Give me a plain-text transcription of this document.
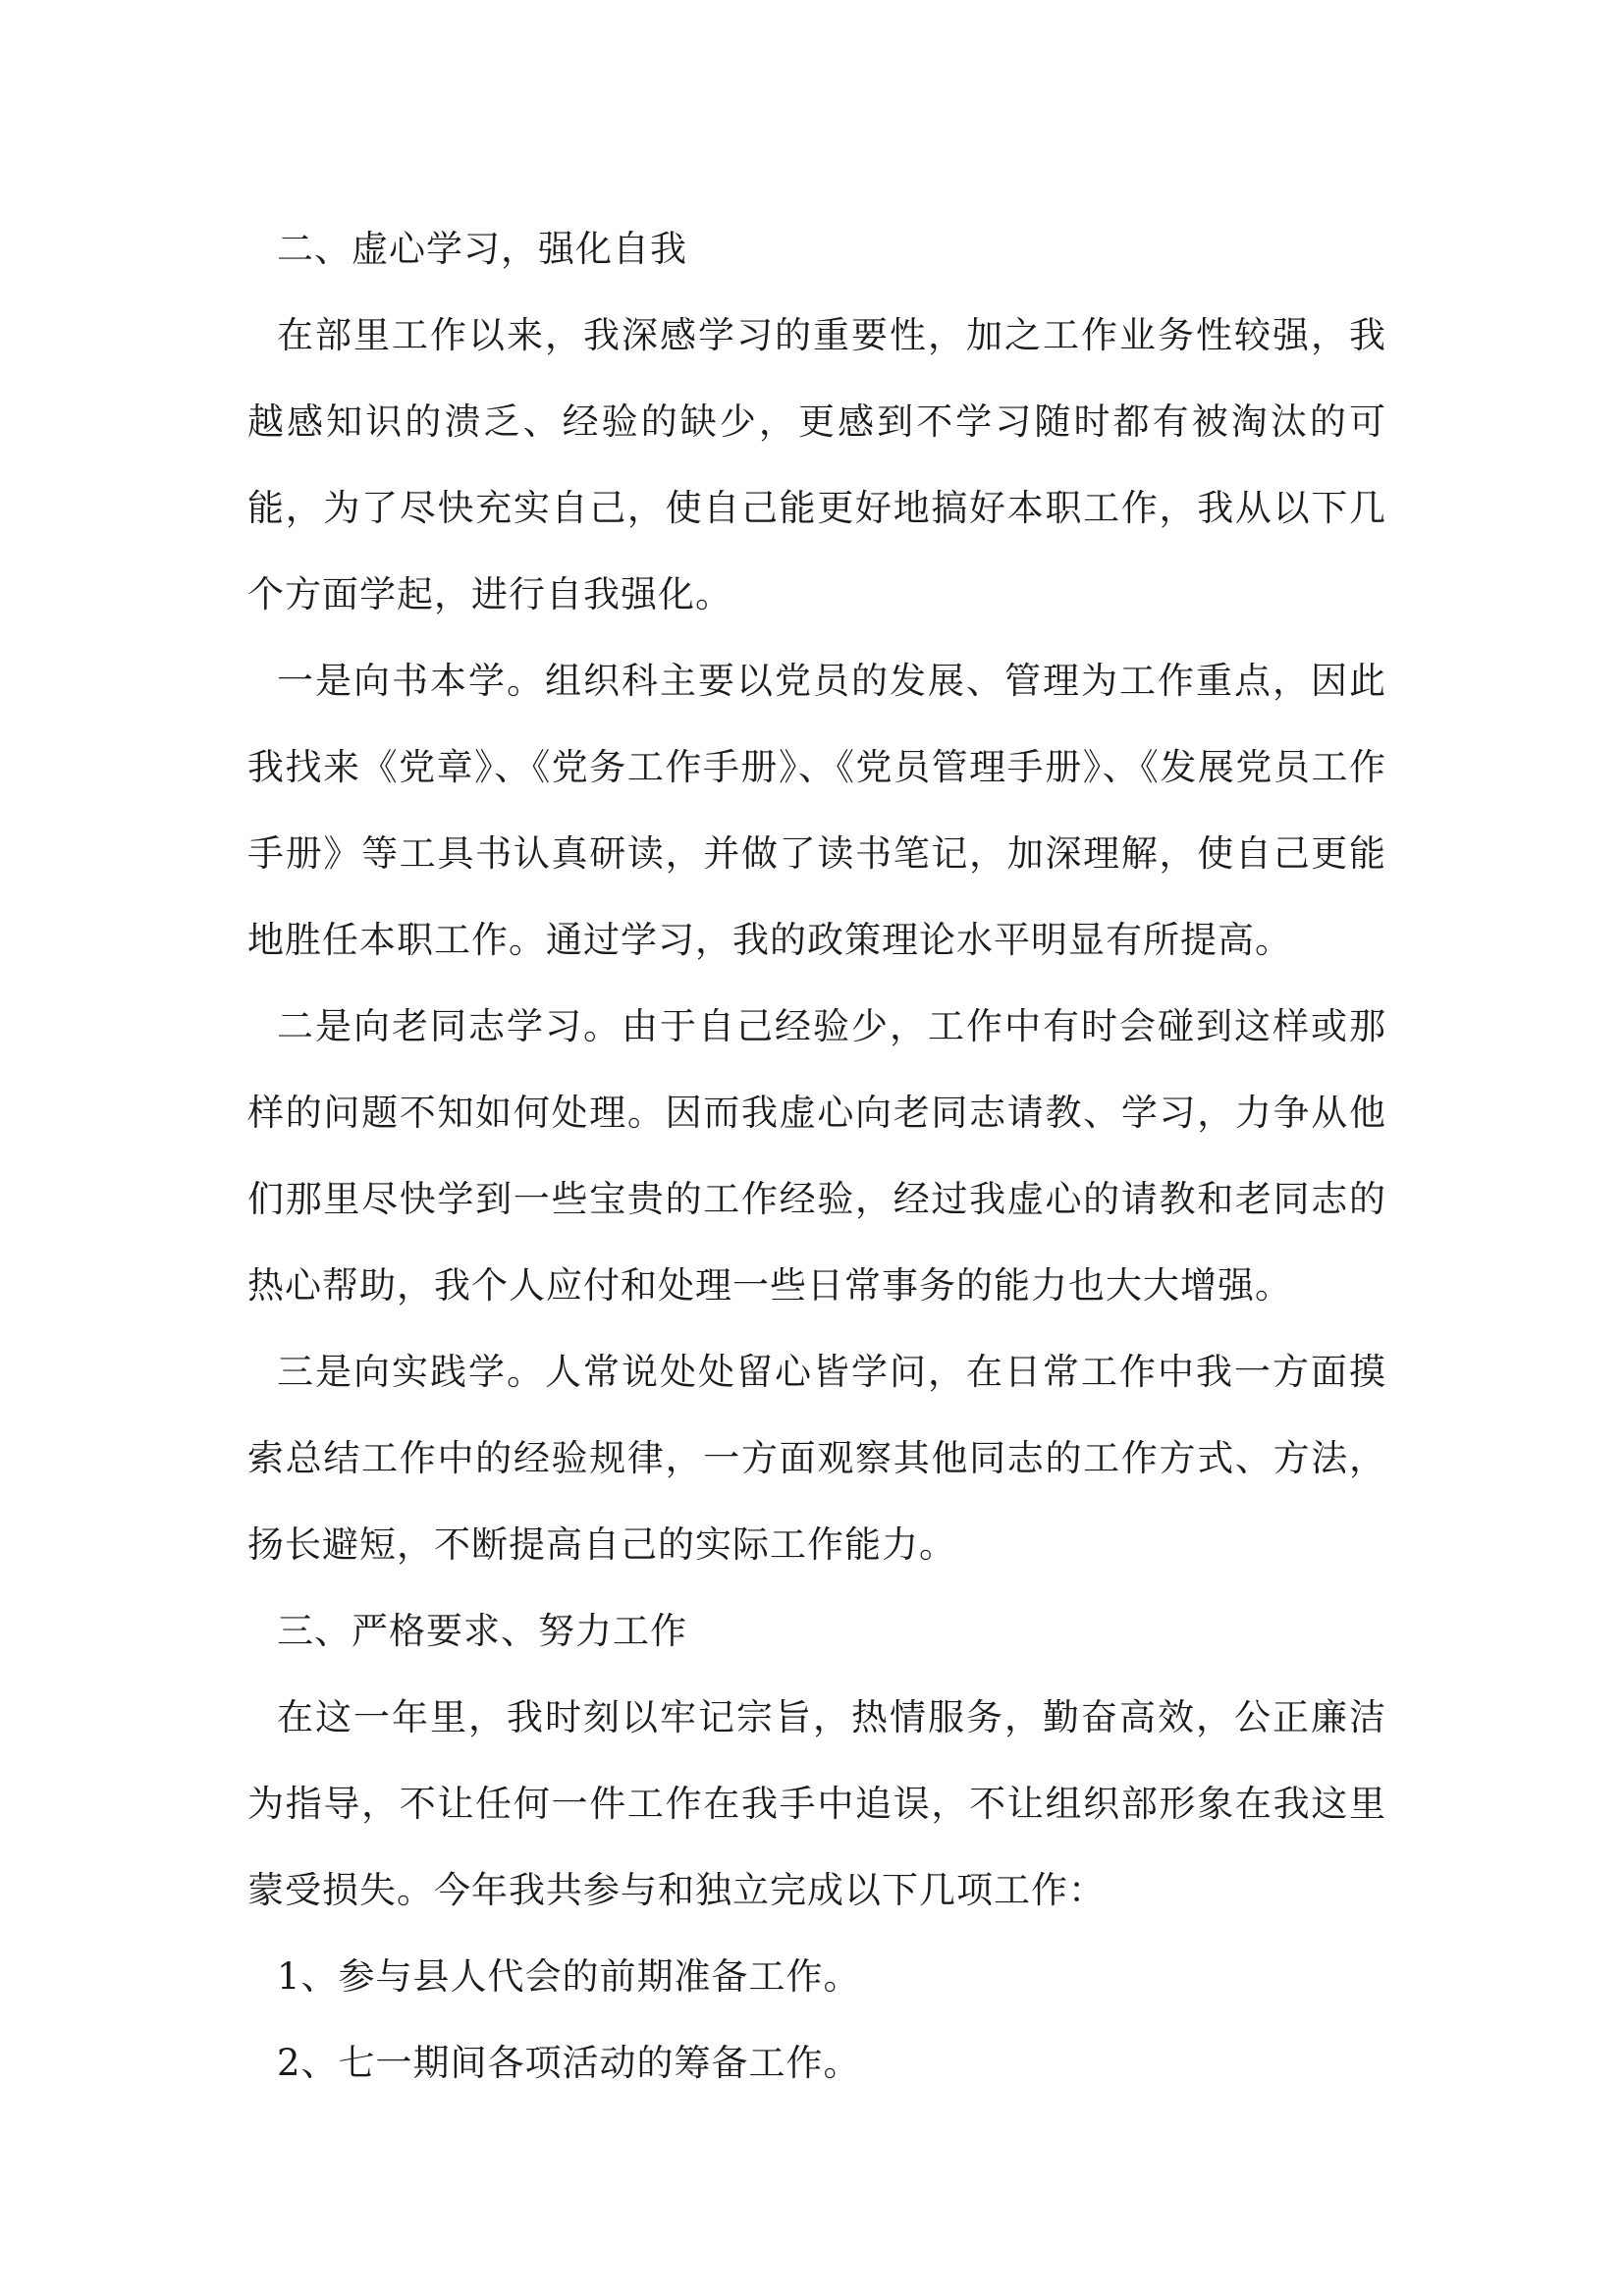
二、虚心学习，强化自我

在部里工作以来，我深感学习的重要性，加之工作业务性较强，我越感知识的溃乏、经验的缺少，更感到不学习随时都有被淘汰的可能，为了尽快充实自己，使自己能更好地搞好本职工作，我从以下几个方面学起，进行自我强化。

一是向书本学。组织科主要以党员的发展、管理为工作重点，因此我找来《党章》、《党务工作手册》、《党员管理手册》、《发展党员工作手册》等工具书认真研读，并做了读书笔记，加深理解，使自己更能地胜任本职工作。通过学习，我的政策理论水平明显有所提高。

二是向老同志学习。由于自己经验少，工作中有时会碰到这样或那样的问题不知如何处理。因而我虚心向老同志请教、学习，力争从他们那里尽快学到一些宝贵的工作经验，经过我虚心的请教和老同志的热心帮助，我个人应付和处理一些日常事务的能力也大大增强。

三是向实践学。人常说处处留心皆学问，在日常工作中我一方面摸索总结工作中的经验规律，一方面观察其他同志的工作方式、方法，扬长避短，不断提高自己的实际工作能力。

三、严格要求、努力工作

在这一年里，我时刻以牢记宗旨，热情服务，勤奋高效，公正廉洁为指导，不让任何一件工作在我手中追误，不让组织部形象在我这里蒙受损失。今年我共参与和独立完成以下几项工作：

1、参与县人代会的前期准备工作。

2、七一期间各项活动的筹备工作。
